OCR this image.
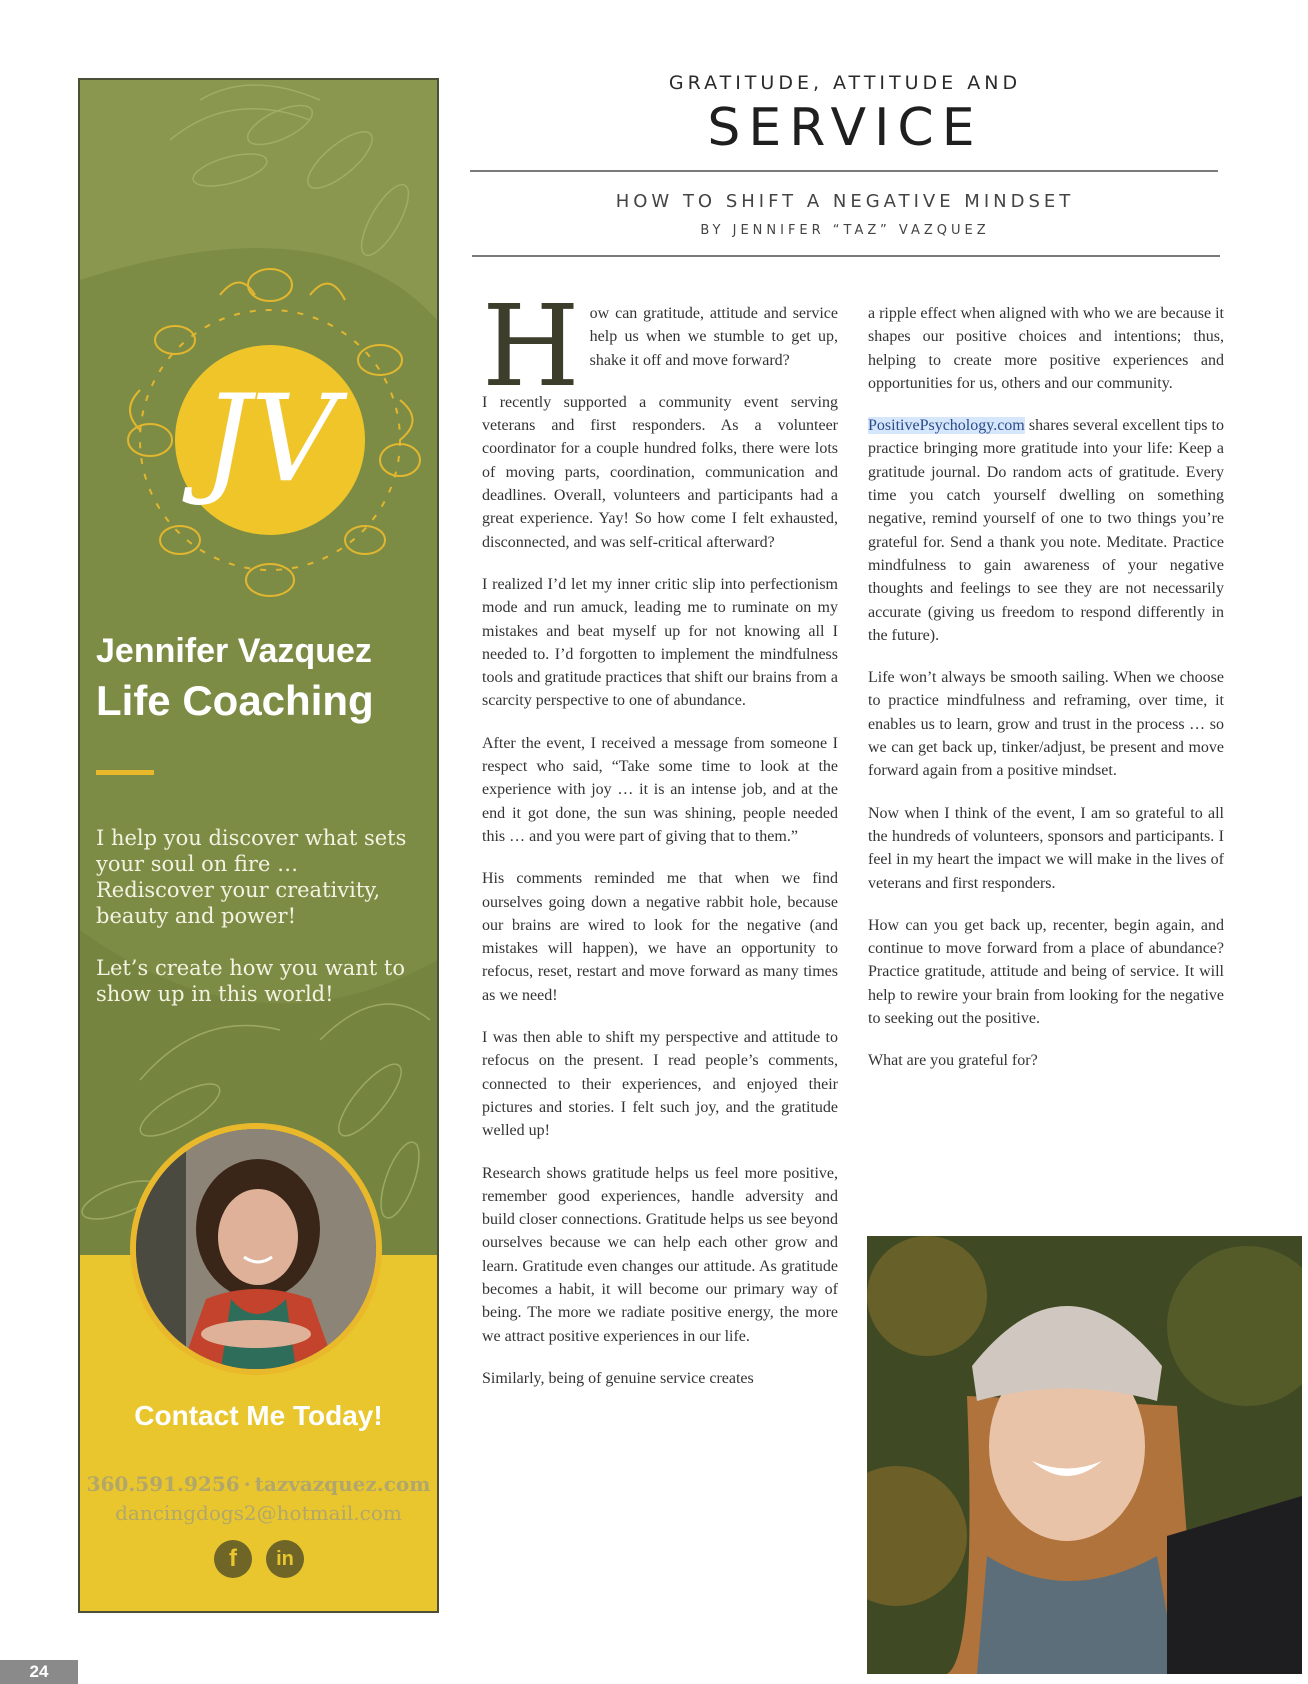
JV
Jennifer Vazquez
Life Coaching
I help you discover what sets your soul on fire … Rediscover your creativity, beauty and power!
Let’s create how you want to show up in this world!
Contact Me Today!
360.591.9256 · tazvazquez.com
dancingdogs2@hotmail.com
f	in
GRATITUDE, ATTITUDE AND
SERVICE
HOW TO SHIFT A NEGATIVE MINDSET
BY JENNIFER “TAZ” VAZQUEZ

How can gratitude, attitude and service help us when we stumble to get up, shake it off and move forward?

I recently supported a community event serving veterans and first responders. As a volunteer coordinator for a couple hundred folks, there were lots of moving parts, coordination, communication and deadlines. Overall, volunteers and participants had a great experience. Yay! So how come I felt exhausted, disconnected, and was self-critical afterward?

I realized I’d let my inner critic slip into perfectionism mode and run amuck, leading me to ruminate on my mistakes and beat myself up for not knowing all I needed to. I’d forgotten to implement the mindfulness tools and gratitude practices that shift our brains from a scarcity perspective to one of abundance.

After the event, I received a message from someone I respect who said, “Take some time to look at the experience with joy … it is an intense job, and at the end it got done, the sun was shining, people needed this … and you were part of giving that to them.”

His comments reminded me that when we find ourselves going down a negative rabbit hole, because our brains are wired to look for the negative (and mistakes will happen), we have an opportunity to refocus, reset, restart and move forward as many times as we need!

I was then able to shift my perspective and attitude to refocus on the present. I read people’s comments, connected to their experiences, and enjoyed their pictures and stories. I felt such joy, and the gratitude welled up!

Research shows gratitude helps us feel more positive, remember good experiences, handle adversity and build closer connections. Gratitude helps us see beyond ourselves because we can help each other grow and learn. Gratitude even changes our attitude. As gratitude becomes a habit, it will become our primary way of being. The more we radiate positive energy, the more we attract positive experiences in our life.

Similarly, being of genuine service creates

a ripple effect when aligned with who we are because it shapes our positive choices and intentions; thus, helping to create more positive experiences and opportunities for us, others and our community.

PositivePsychology.com shares several excellent tips to practice bringing more gratitude into your life: Keep a gratitude journal. Do random acts of gratitude. Every time you catch yourself dwelling on something negative, remind yourself of one to two things you’re grateful for. Send a thank you note. Meditate. Practice mindfulness to gain awareness of your negative thoughts and feelings to see they are not necessarily accurate (giving us freedom to respond differently in the future).

Life won’t always be smooth sailing. When we choose to practice mindfulness and reframing, over time, it enables us to learn, grow and trust in the process … so we can get back up, tinker/adjust, be present and move forward again from a positive mindset.

Now when I think of the event, I am so grateful to all the hundreds of volunteers, sponsors and participants. I feel in my heart the impact we will make in the lives of veterans and first responders.

How can you get back up, recenter, begin again, and continue to move forward from a place of abundance? Practice gratitude, attitude and being of service. It will help to rewire your brain from looking for the negative to seeking out the positive.

What are you grateful for?

24
